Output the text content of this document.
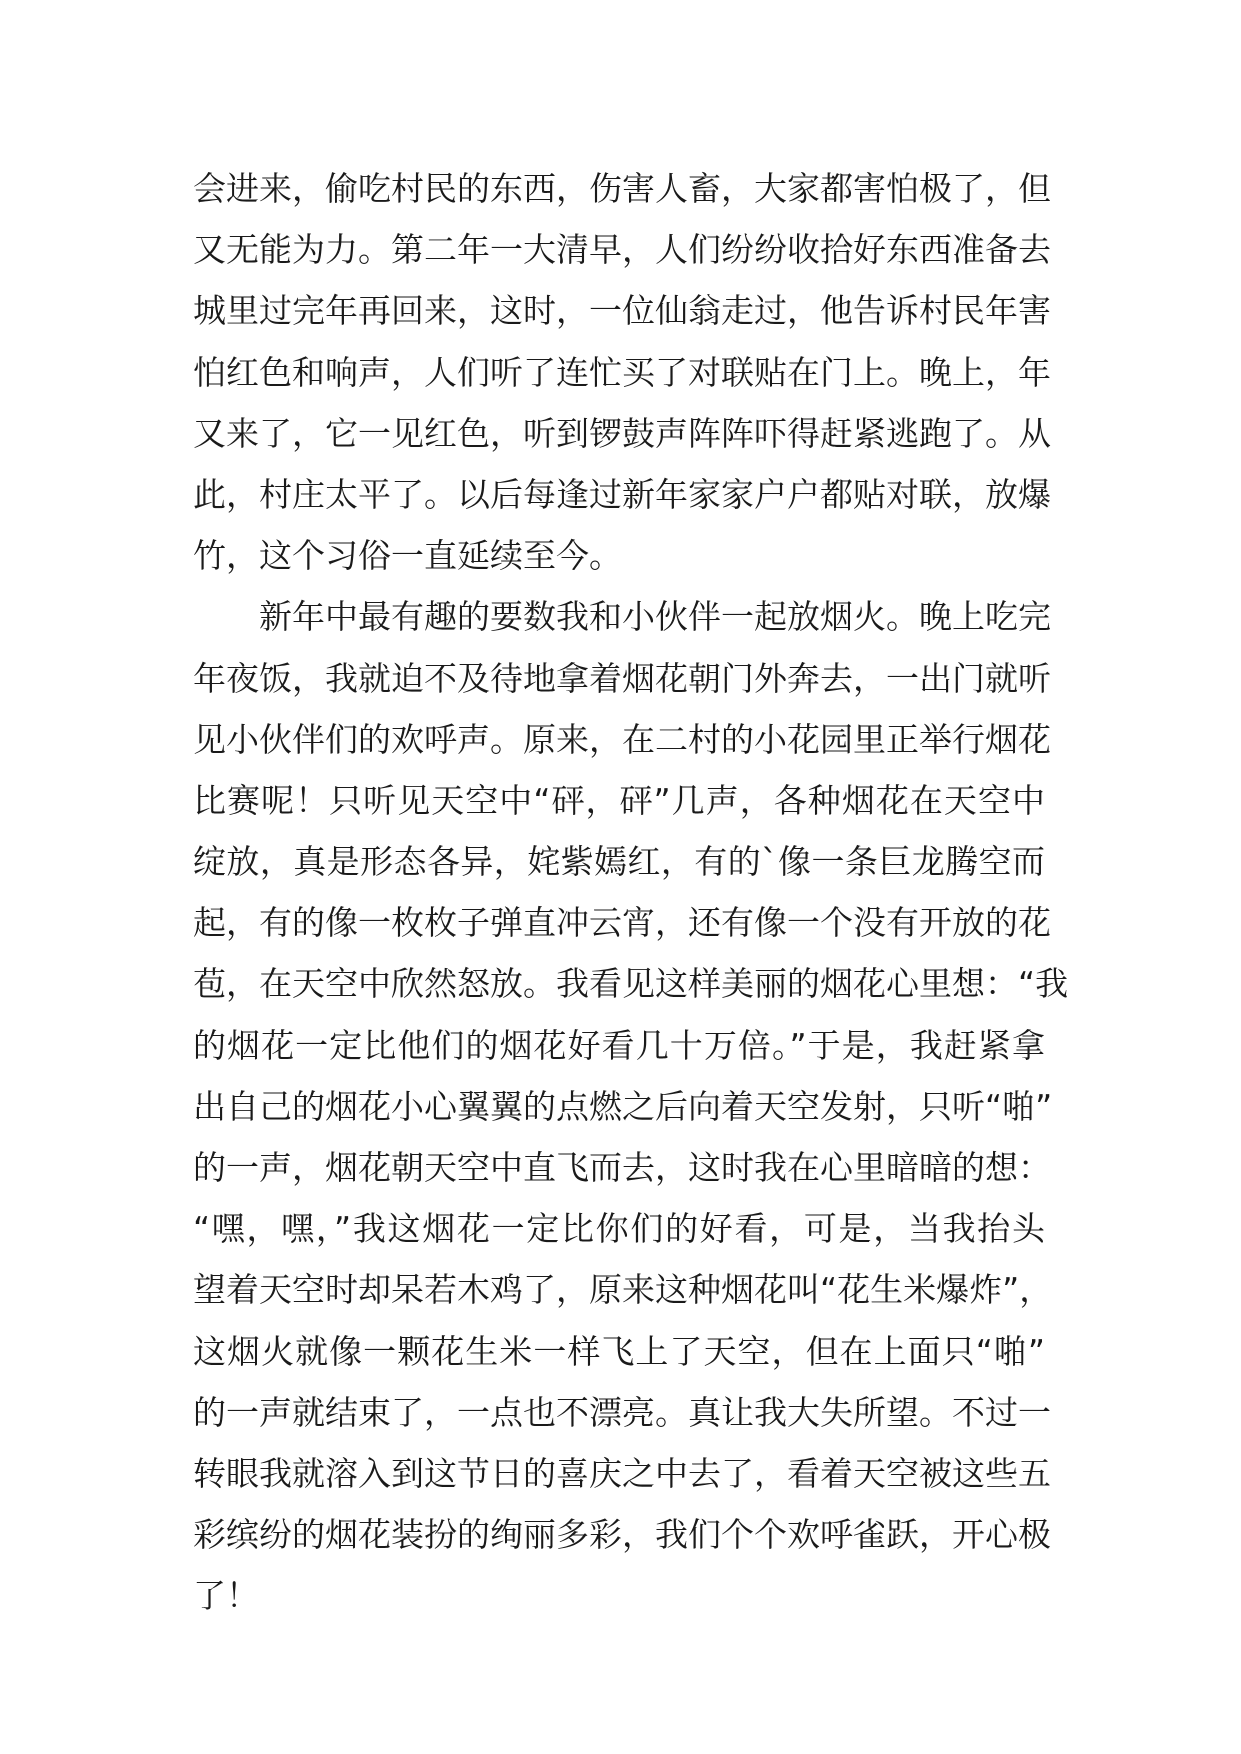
会进来，偷吃村民的东西，伤害人畜，大家都害怕极了，但
又无能为力。第二年一大清早，人们纷纷收拾好东西准备去
城里过完年再回来，这时，一位仙翁走过，他告诉村民年害
怕红色和响声，人们听了连忙买了对联贴在门上。晚上，年
又来了，它一见红色，听到锣鼓声阵阵吓得赶紧逃跑了。从
此，村庄太平了。以后每逢过新年家家户户都贴对联，放爆
竹，这个习俗一直延续至今。
新年中最有趣的要数我和小伙伴一起放烟火。晚上吃完
年夜饭，我就迫不及待地拿着烟花朝门外奔去，一出门就听
见小伙伴们的欢呼声。原来，在二村的小花园里正举行烟花
比赛呢！只听见天空中“砰，砰”几声，各种烟花在天空中
绽放，真是形态各异，姹紫嫣红，有的`像一条巨龙腾空而
起，有的像一枚枚子弹直冲云宵，还有像一个没有开放的花
苞，在天空中欣然怒放。我看见这样美丽的烟花心里想：“我
的烟花一定比他们的烟花好看几十万倍。”于是，我赶紧拿
出自己的烟花小心翼翼的点燃之后向着天空发射，只听“啪”
的一声，烟花朝天空中直飞而去，这时我在心里暗暗的想：
“嘿，嘿，”我这烟花一定比你们的好看，可是，当我抬头
望着天空时却呆若木鸡了，原来这种烟花叫“花生米爆炸”，
这烟火就像一颗花生米一样飞上了天空，但在上面只“啪”
的一声就结束了，一点也不漂亮。真让我大失所望。不过一
转眼我就溶入到这节日的喜庆之中去了，看着天空被这些五
彩缤纷的烟花装扮的绚丽多彩，我们个个欢呼雀跃，开心极
了！
